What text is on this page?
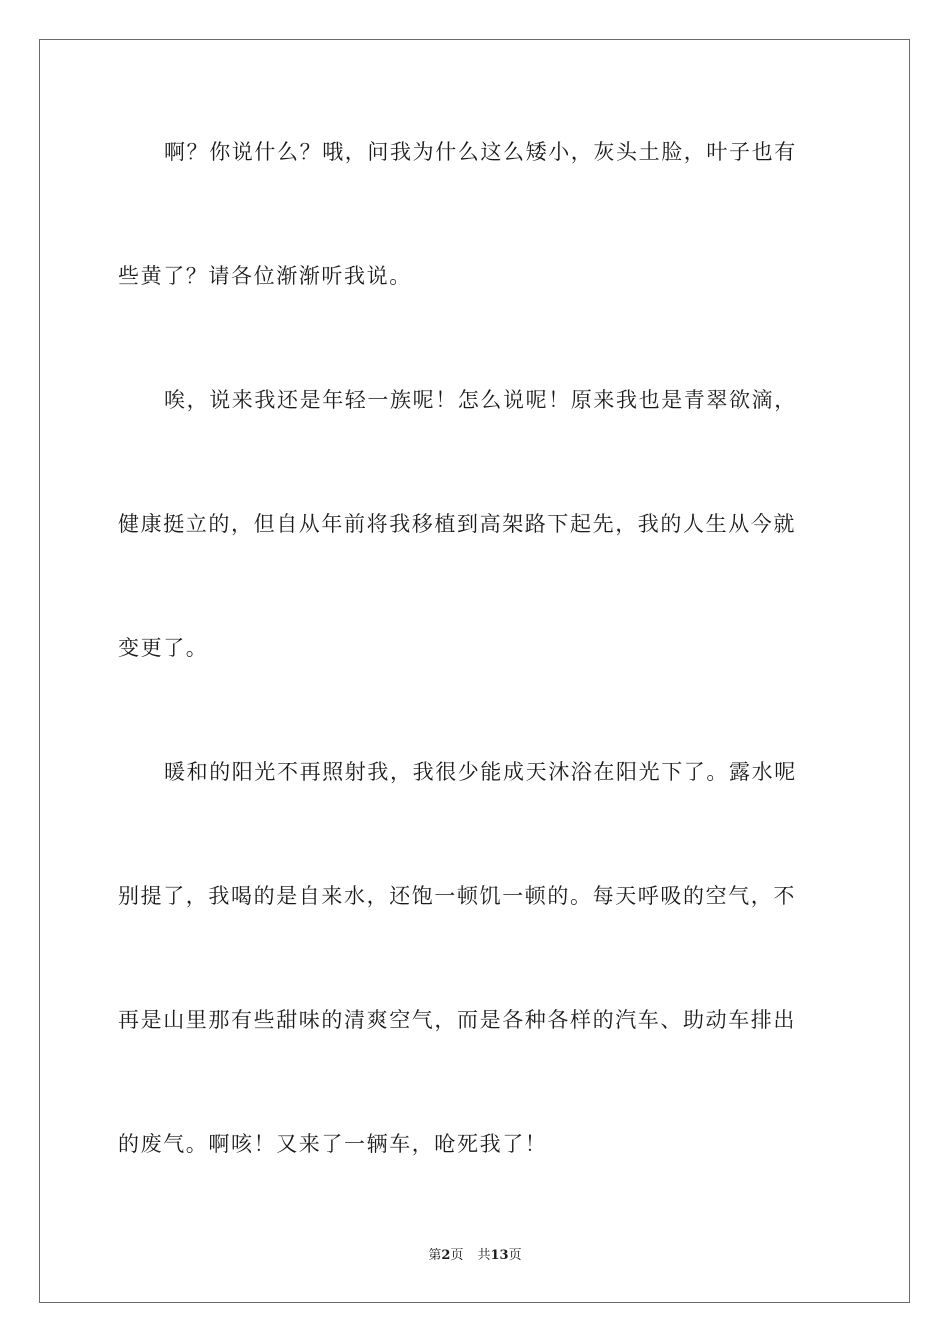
啊？你说什么？哦，问我为什么这么矮小，灰头土脸，叶子也有
些黄了？请各位渐渐听我说。
唉，说来我还是年轻一族呢！怎么说呢！原来我也是青翠欲滴，
健康挺立的，但自从年前将我移植到高架路下起先，我的人生从今就
变更了。
暖和的阳光不再照射我，我很少能成天沐浴在阳光下了。露水呢
别提了，我喝的是自来水，还饱一顿饥一顿的。每天呼吸的空气，不
再是山里那有些甜味的清爽空气，而是各种各样的汽车、助动车排出
的废气。啊咳！又来了一辆车，呛死我了！
第2页 共13页
